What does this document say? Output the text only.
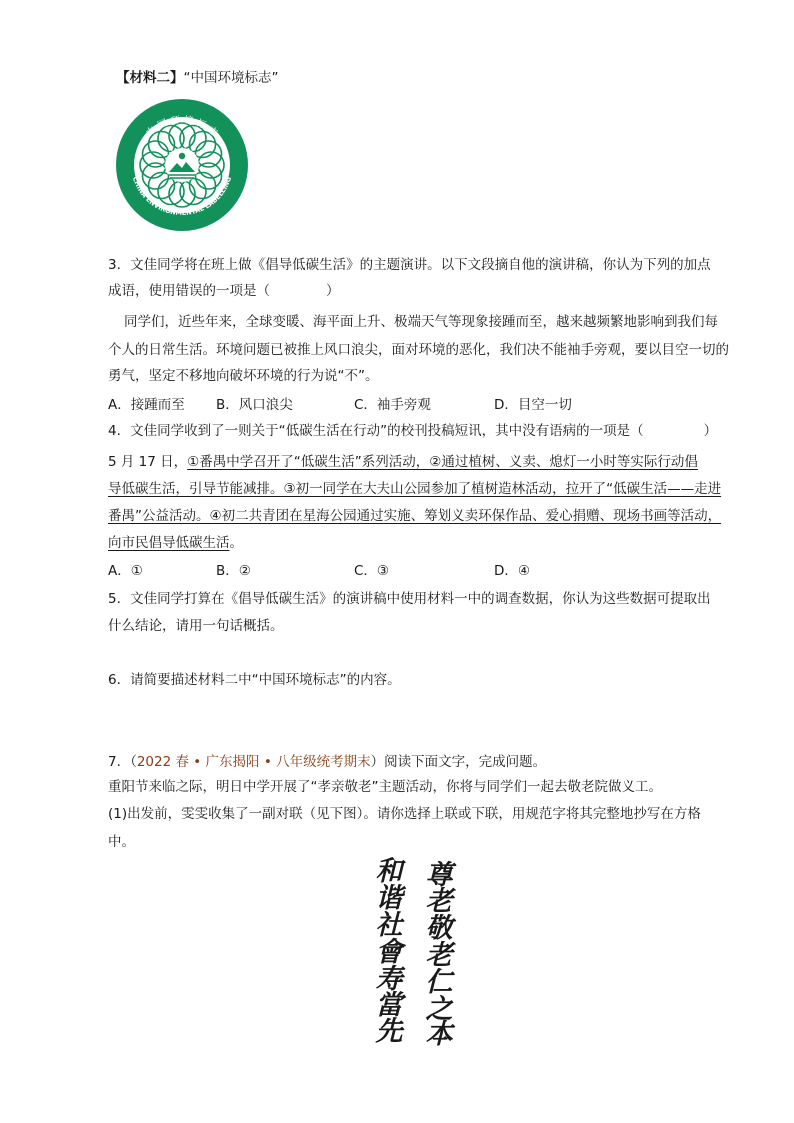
【材料二】“中国环境标志”

中 国 环 境 标 志
CHINA ENVIRONMENTAL LABELLING

3．文佳同学将在班上做《倡导低碳生活》的主题演讲。以下文段摘自他的演讲稿，你认为下列的加点

成语，使用错误的一项是（	）

同学们，近些年来，全球变暖、海平面上升、极端天气等现象接踵而至，越来越频繁地影响到我们每

个人的日常生活。环境问题已被推上风口浪尖，面对环境的恶化，我们决不能袖手旁观，要以目空一切的

勇气，坚定不移地向破坏环境的行为说“不”。

A．接踵而至 B．风口浪尖	C．袖手旁观	D．目空一切

4．文佳同学收到了一则关于“低碳生活在行动”的校刊投稿短讯，其中没有语病的一项是（	）

5 月 17 日，①番禺中学召开了“低碳生活”系列活动，②通过植树、义卖、熄灯一小时等实际行动倡

导低碳生活，引导节能减排。③初一同学在大夫山公园参加了植树造林活动，拉开了“低碳生活——走进

番禺”公益活动。④初二共青团在星海公园通过实施、筹划义卖环保作品、爱心捐赠、现场书画等活动，

向市民倡导低碳生活。

A．①	B．②	C．③	D．④

5．文佳同学打算在《倡导低碳生活》的演讲稿中使用材料一中的调查数据，你认为这些数据可提取出

什么结论，请用一句话概括。

6．请简要描述材料二中“中国环境标志”的内容。

7．（2022 春 • 广东揭阳 • 八年级统考期末）阅读下面文字，完成问题。

重阳节来临之际，明日中学开展了“孝亲敬老”主题活动，你将与同学们一起去敬老院做义工。

(1)出发前，雯雯收集了一副对联（见下图）。请你选择上联或下联，用规范字将其完整地抄写在方格

中。

尊
老
敬
老
仁
之
本
和
谐
社
會
寿
當
先
